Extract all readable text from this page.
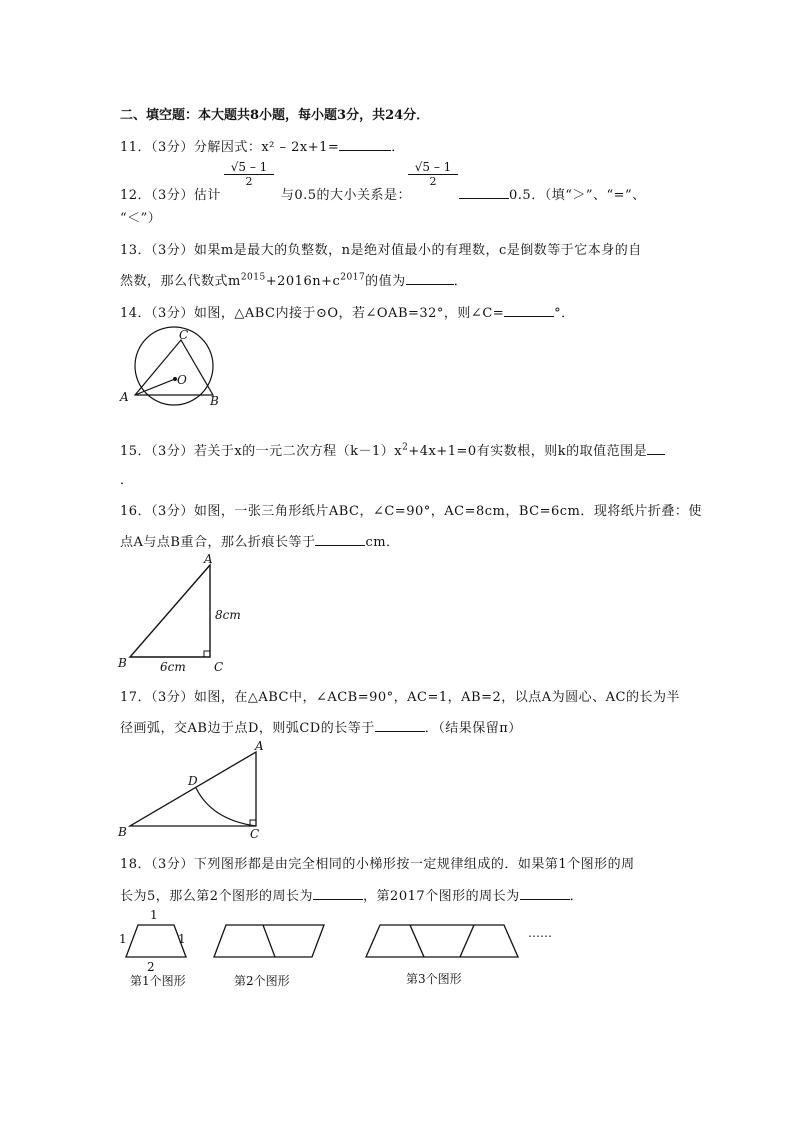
二、填空题：本大题共8小题，每小题3分，共24分．
11．（3分）分解因式：x² – 2x+1=	．
$\frac{√5 - 1}{2}$	$\frac{√5 - 1}{2}$
12．（3分）估计	与0.5的大小关系是：	0.5．（填“＞”、“=”、
“＜”）
13．（3分）如果m是最大的负整数，n是绝对值最小的有理数，c是倒数等于它本身的自
然数，那么代数式$m^{2015}+2016n+c^{2017}$的值为	．
14．（3分）如图，△ABC内接于⊙O，若∠OAB=32°，则∠C=	°．
C
O
A	B
15．（3分）若关于x的一元二次方程$(k-1)x^2+4x+1=0$有实数根，则k的取值范围是
．
16．（3分）如图，一张三角形纸片ABC，∠C=90°，AC=8cm，BC=6cm．现将纸片折叠：使
点A与点B重合，那么折痕长等于	cm．
A
B	C
8cm
6cm
17．（3分）如图，在△ABC中，∠ACB=90°，AC=1，AB=2，以点A为圆心、AC的长为半
径画弧，交AB边于点D，则弧CD的长等于	．（结果保留π）
A
B	C
D
18．（3分）下列图形都是由完全相同的小梯形按一定规律组成的．如果第1个图形的周
长为5，那么第2个图形的周长为	，第2017个图形的周长为	．
1
1	1
2
第1个图形	第2个图形	第3个图形
……
